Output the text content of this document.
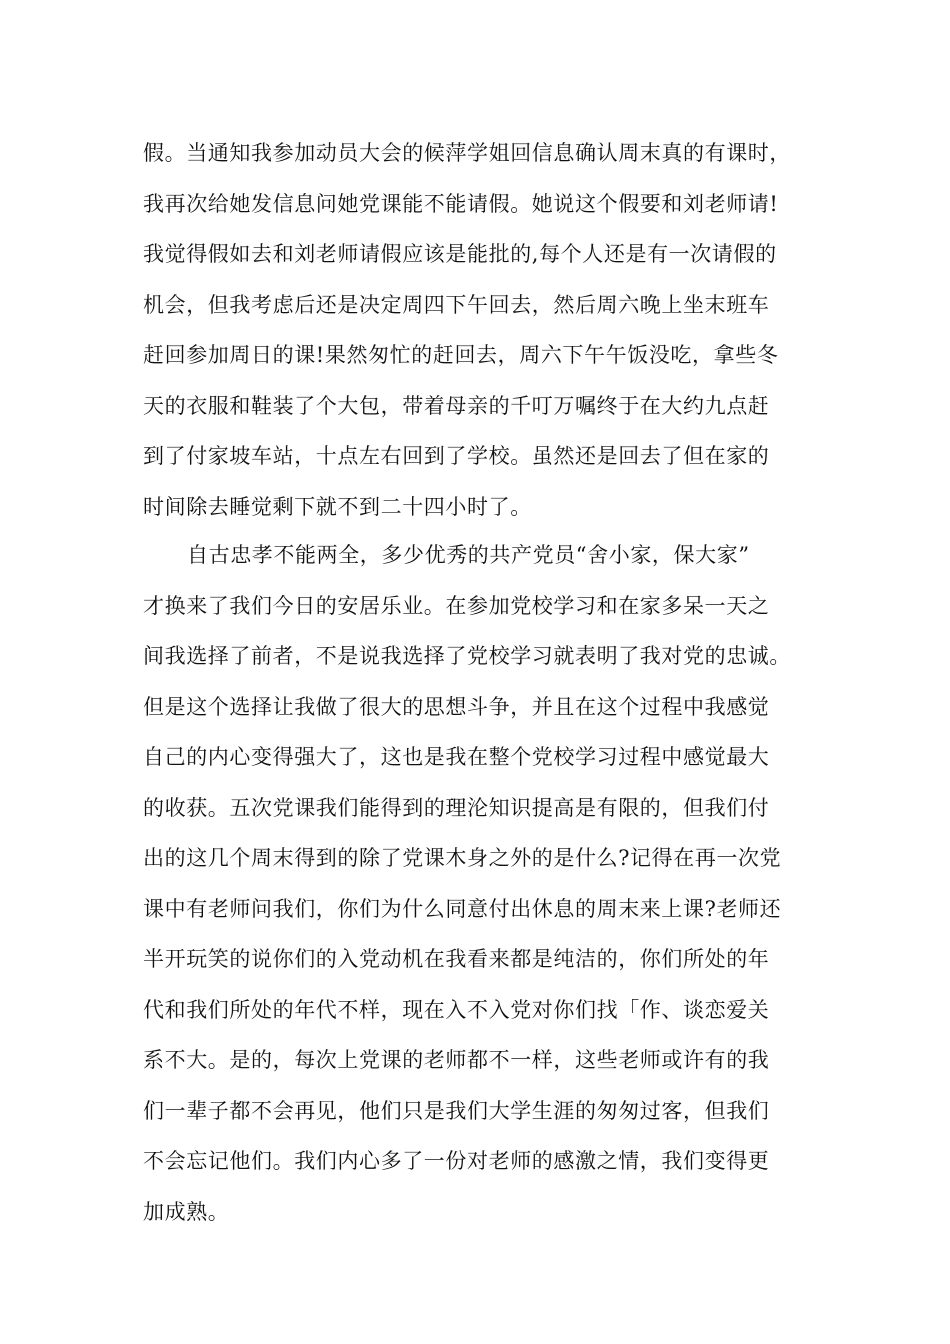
假。当通知我参加动员大会的候萍学姐回信息确认周末真的有课时，
我再次给她发信息问她党课能不能请假。她说这个假要和刘老师请!
我觉得假如去和刘老师请假应该是能批的,每个人还是有一次请假的
机会，但我考虑后还是决定周四下午回去，然后周六晚上坐末班车
赶回参加周日的课!果然匆忙的赶回去，周六下午午饭没吃，拿些冬
天的衣服和鞋装了个大包，带着母亲的千叮万嘱终于在大约九点赶
到了付家坡车站，十点左右回到了学校。虽然还是回去了但在家的
时间除去睡觉剩下就不到二十四小时了。
自古忠孝不能两全，多少优秀的共产党员“舍小家，保大家”
才换来了我们今日的安居乐业。在参加党校学习和在家多呆一天之
间我选择了前者，不是说我选择了党校学习就表明了我对党的忠诚。
但是这个选择让我做了很大的思想斗争，并且在这个过程中我感觉
自己的内心变得强大了，这也是我在整个党校学习过程中感觉最大
的收获。五次党课我们能得到的理沦知识提高是有限的，但我们付
出的这几个周末得到的除了党课木身之外的是什么?记得在再一次党
课中有老师问我们，你们为什么同意付出休息的周末来上课?老师还
半开玩笑的说你们的入党动机在我看来都是纯洁的，你们所处的年
代和我们所处的年代不样，现在入不入党对你们找「作、谈恋爱关
系不大。是的，每次上党课的老师都不一样，这些老师或许有的我
们一辈子都不会再见，他们只是我们大学生涯的匆匆过客，但我们
不会忘记他们。我们内心多了一份对老师的感激之情，我们变得更
加成熟。
